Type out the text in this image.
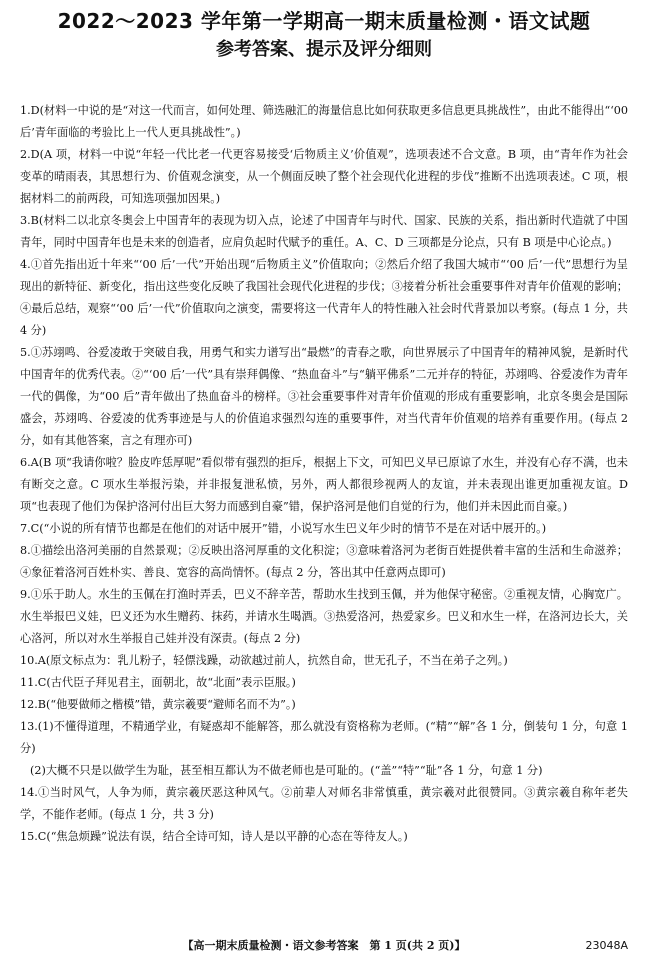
2022～2023 学年第一学期高一期末质量检测・语文试题
参考答案、提示及评分细则

1.D(材料一中说的是“对这一代而言，如何处理、筛选融汇的海量信息比如何获取更多信息更具挑战性”，由此不能得出“‘00 后’青年面临的考验比上一代人更具挑战性”。)

2.D(A 项，材料一中说“年轻一代比老一代更容易接受‘后物质主义’价值观”，选项表述不合文意。B 项，由“青年作为社会变革的晴雨表，其思想行为、价值观念演变，从一个侧面反映了整个社会现代化进程的步伐”推断不出选项表述。C 项，根据材料二的前两段，可知选项强加因果。)

3.B(材料二以北京冬奥会上中国青年的表现为切入点，论述了中国青年与时代、国家、民族的关系，指出新时代造就了中国青年，同时中国青年也是未来的创造者，应肩负起时代赋予的重任。A、C、D 三项都是分论点，只有 B 项是中心论点。)

4.①首先指出近十年来“‘00 后’一代”开始出现“后物质主义”价值取向；②然后介绍了我国大城市“‘00 后’一代”思想行为呈现出的新特征、新变化，指出这些变化反映了我国社会现代化进程的步伐；③接着分析社会重要事件对青年价值观的影响；④最后总结，观察“‘00 后’一代”价值取向之演变，需要将这一代青年人的特性融入社会时代背景加以考察。(每点 1 分，共 4 分)

5.①苏翊鸣、谷爱凌敢于突破自我，用勇气和实力谱写出“最燃”的青春之歌，向世界展示了中国青年的精神风貌，是新时代中国青年的优秀代表。②“‘00 后’一代”具有崇拜偶像、“热血奋斗”与“躺平佛系”二元并存的特征，苏翊鸣、谷爱凌作为青年一代的偶像，为“00 后”青年做出了热血奋斗的榜样。③社会重要事件对青年价值观的形成有重要影响，北京冬奥会是国际盛会，苏翊鸣、谷爱凌的优秀事迹是与人的价值追求强烈勾连的重要事件，对当代青年价值观的培养有重要作用。(每点 2 分，如有其他答案，言之有理亦可)

6.A(B 项“我请你啦？脸皮咋恁厚呢”看似带有强烈的拒斥，根据上下文，可知巴义早已原谅了水生，并没有心存不满，也未有断交之意。C 项水生举报污染，并非报复泄私愤，另外，两人都很珍视两人的友谊，并未表现出谁更加重视友谊。D 项“也表现了他们为保护洛河付出巨大努力而感到自豪”错，保护洛河是他们自觉的行为，他们并未因此而自豪。)

7.C(“小说的所有情节也都是在他们的对话中展开”错，小说写水生巴义年少时的情节不是在对话中展开的。)

8.①描绘出洛河美丽的自然景观；②反映出洛河厚重的文化积淀；③意味着洛河为老街百姓提供着丰富的生活和生命滋养；④象征着洛河百姓朴实、善良、宽容的高尚情怀。(每点 2 分，答出其中任意两点即可)

9.①乐于助人。水生的玉佩在打渔时弄丢，巴义不辞辛苦，帮助水生找到玉佩，并为他保守秘密。②重视友情，心胸宽广。水生举报巴义娃，巴义还为水生赠药、抹药，并请水生喝酒。③热爱洛河，热爱家乡。巴义和水生一样，在洛河边长大，关心洛河，所以对水生举报自己娃并没有深责。(每点 2 分)

10.A(原文标点为：乳儿粉子，轻僄浅躁，动欲越过前人，抗然自命，世无孔子，不当在弟子之列。)

11.C(古代臣子拜见君主，面朝北，故“北面”表示臣服。)

12.B(“他要做师之楷模”错，黄宗羲要“避师名而不为”。)

13.(1)不懂得道理，不精通学业，有疑惑却不能解答，那么就没有资格称为老师。(“精”“解”各 1 分，倒装句 1 分，句意 1 分)

(2)大概不只是以做学生为耻，甚至相互都认为不做老师也是可耻的。(“盖”“特”“耻”各 1 分，句意 1 分)

14.①当时风气，人争为师，黄宗羲厌恶这种风气。②前辈人对师名非常慎重，黄宗羲对此很赞同。③黄宗羲自称年老失学，不能作老师。(每点 1 分，共 3 分)

15.C(“焦急烦躁”说法有误，结合全诗可知，诗人是以平静的心态在等待友人。)

【高一期末质量检测・语文参考答案　第 1 页(共 2 页)】	23048A
